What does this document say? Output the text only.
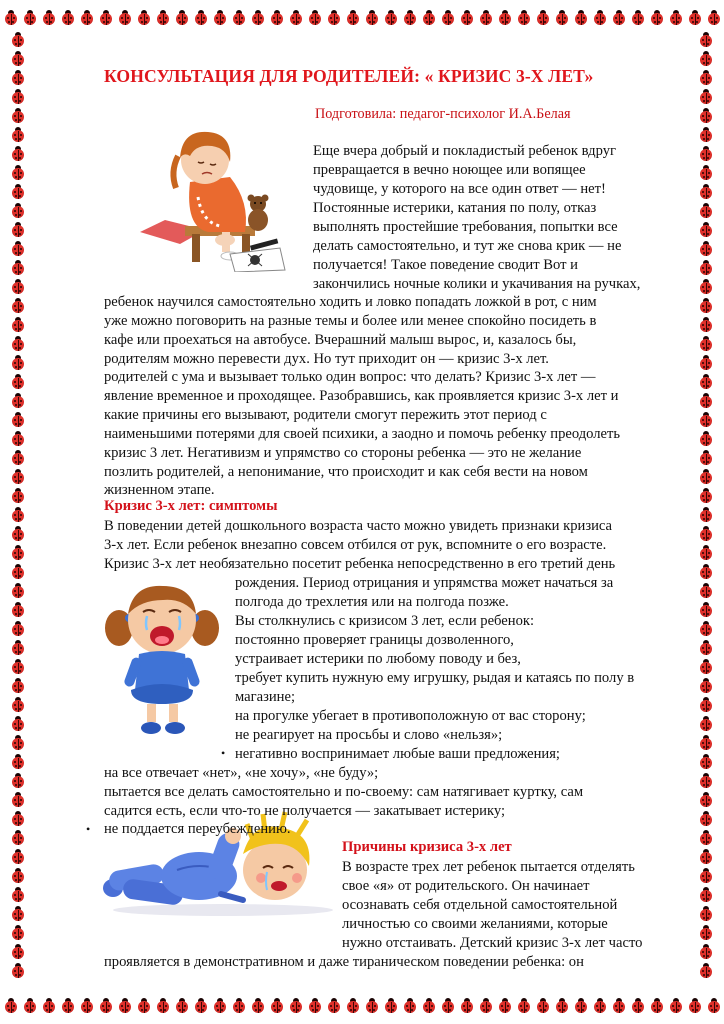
КОНСУЛЬТАЦИЯ ДЛЯ РОДИТЕЛЕЙ: « КРИЗИС 3-Х ЛЕТ»
Подготовила: педагог-психолог И.А.Белая
Еще вчера добрый и покладистый ребенок вдруг
превращается в вечно ноющее или вопящее
чудовище, у которого на все один ответ — нет!
Постоянные истерики, катания по полу, отказ
выполнять простейшие требования, попытки все
делать самостоятельно, и тут же снова крик — не
получается! Такое поведение сводит Вот и
закончились ночные колики и укачивания на ручках,
ребенок научился самостоятельно ходить и ловко попадать ложкой в рот, с ним
уже можно поговорить на разные темы и более или менее спокойно посидеть в
кафе или проехаться на автобусе. Вчерашний малыш вырос, и, казалось бы,
родителям можно перевести дух. Но тут приходит он — кризис 3-х лет.
родителей с ума и вызывает только один вопрос: что делать? Кризис 3-х лет —
явление временное и проходящее. Разобравшись, как проявляется кризис 3-х лет и
какие причины его вызывают, родители смогут пережить этот период с
наименьшими потерями для своей психики, а заодно и помочь ребенку преодолеть
кризис 3 лет. Негативизм и упрямство со стороны ребенка — это не желание
позлить родителей, а непонимание, что происходит и как себя вести на новом
жизненном этапе.
Кризис 3-х лет: симптомы
В поведении детей дошкольного возраста часто можно увидеть признаки кризиса
3-х лет. Если ребенок внезапно совсем отбился от рук, вспомните о его возрасте.
Кризис 3-х лет необязательно посетит ребенка непосредственно в его третий день
рождения. Период отрицания и упрямства может начаться за
полгода до трехлетия или на полгода позже.
Вы столкнулись с кризисом 3 лет, если ребенок:
постоянно проверяет границы дозволенного,
устраивает истерики по любому поводу и без,
требует купить нужную ему игрушку, рыдая и катаясь по полу в
магазине;
на прогулке убегает в противоположную от вас сторону;
не реагирует на просьбы и слово «нельзя»;
• негативно воспринимает любые ваши предложения;
на все отвечает «нет», «не хочу», «не буду»;
пытается все делать самостоятельно и по-своему: сам натягивает куртку, сам
садится есть, если что-то не получается — закатывает истерику;
• не поддается переубеждению.
Причины кризиса 3-х лет
В возрасте трех лет ребенок пытается отделять
свое «я» от родительского. Он начинает
осознавать себя отдельной самостоятельной
личностью со своими желаниями, которые
нужно отстаивать. Детский кризис 3-х лет часто
проявляется в демонстративном и даже тираническом поведении ребенка: он
